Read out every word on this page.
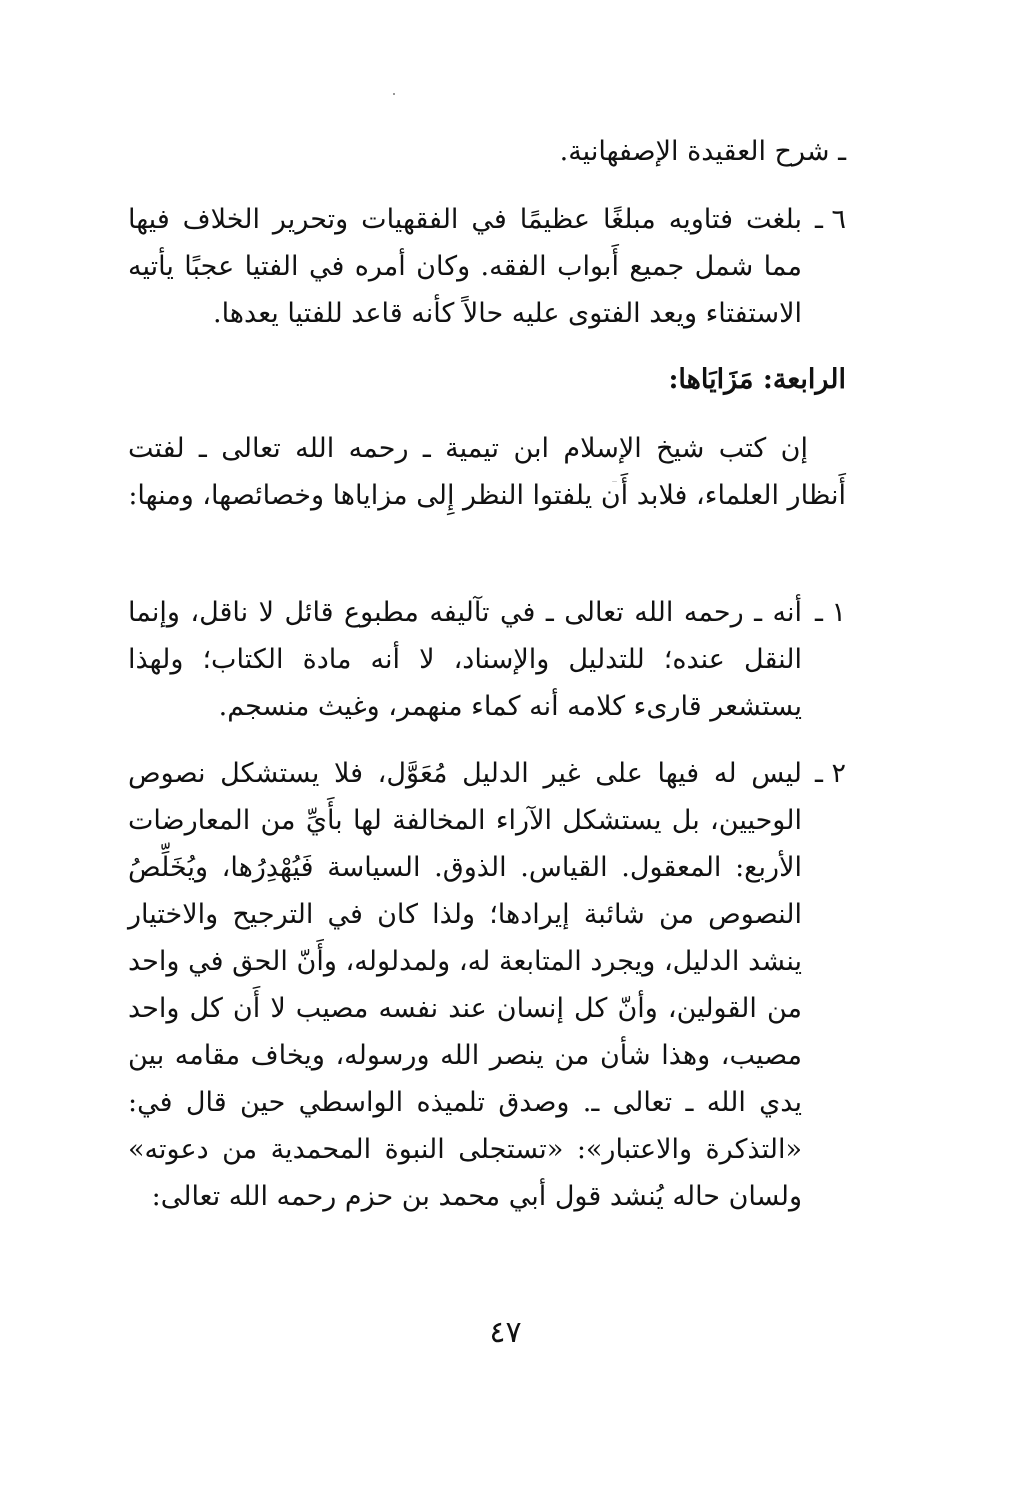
ـ شرح العقيدة الإصفهانية.

٦ ـ
بلغت فتاويه مبلغًا عظيمًا في الفقهيات وتحرير الخلاف فيها مما شمل جميع أَبواب الفقه. وكان أمره في الفتيا عجبًا يأتيه الاستفتاء ويعد الفتوى عليه حالاً كأنه قاعد للفتيا يعدها.
الرابعة: مَزَايَاها:

إن كتب شيخ الإسلام ابن تيمية ـ رحمه الله تعالى ـ لفتت أَنظار العلماء، فلابد أَن يلفتوا النظر إِلى مزاياها وخصائصها، ومنها:

١ ـ
أنه ـ رحمه الله تعالى ـ في تآليفه مطبوع قائل لا ناقل، وإنما النقل عنده؛ للتدليل والإسناد، لا أنه مادة الكتاب؛ ولهذا يستشعر قارىء كلامه أنه كماء منهمر، وغيث منسجم.
٢ ـ
ليس له فيها على غير الدليل مُعَوَّل، فلا يستشكل نصوص الوحيين، بل يستشكل الآراء المخالفة لها بأَيِّ من المعارضات الأربع: المعقول. القياس. الذوق. السياسة فَيُهْدِرُها، ويُخَلِّصُ النصوص من شائبة إيرادها؛ ولذا كان في الترجيح والاختيار ينشد الدليل، ويجرد المتابعة له، ولمدلوله، وأَنّ الحق في واحد من القولين، وأنّ كل إنسان عند نفسه مصيب لا أَن كل واحد مصيب، وهذا شأن من ينصر الله ورسوله، ويخاف مقامه بين يدي الله ـ تعالى ـ. وصدق تلميذه الواسطي حين قال في: «التذكرة والاعتبار»: «تستجلى النبوة المحمدية من دعوته» ولسان حاله يُنشد قول أبي محمد بن حزم رحمه الله تعالى:
٤٧
